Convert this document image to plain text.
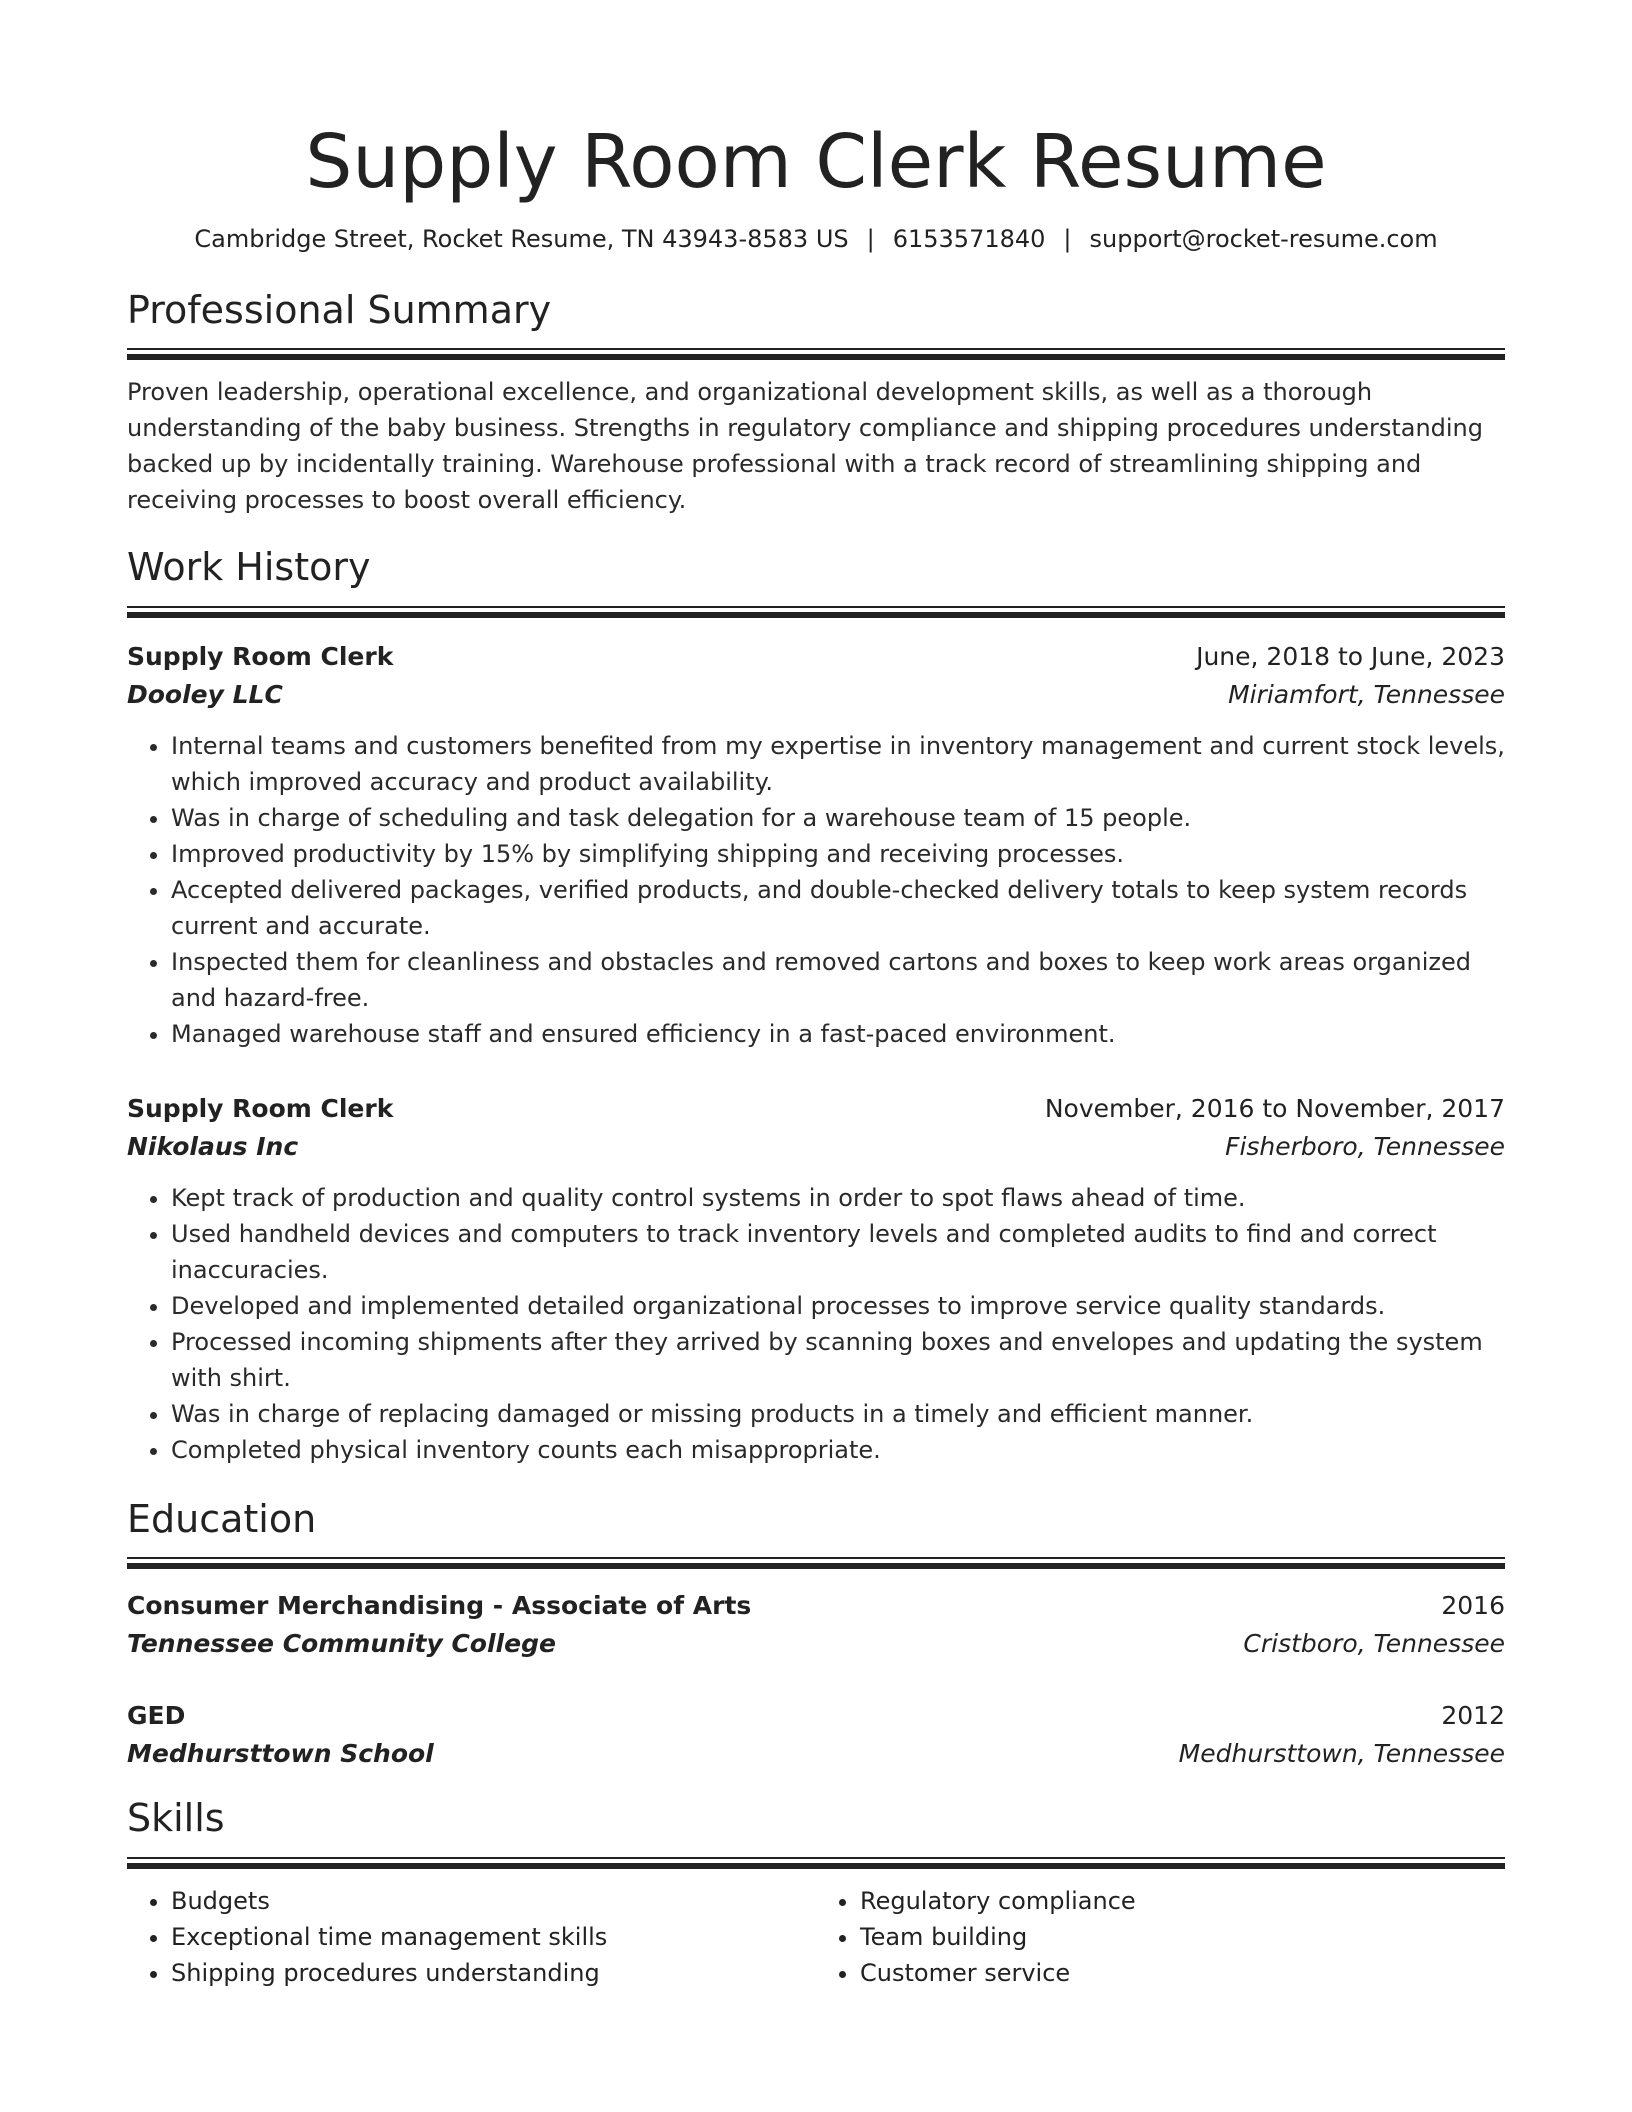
Supply Room Clerk Resume
Cambridge Street, Rocket Resume, TN 43943-8583 US | 6153571840 | support@rocket-resume.com
Professional Summary
Proven leadership, operational excellence, and organizational development skills, as well as a thorough understanding of the baby business. Strengths in regulatory compliance and shipping procedures understanding backed up by incidentally training. Warehouse professional with a track record of streamlining shipping and receiving processes to boost overall efficiency.
Work History
Supply Room Clerk	June, 2018 to June, 2023
Dooley LLC	Miriamfort, Tennessee
• Internal teams and customers benefited from my expertise in inventory management and current stock levels, which improved accuracy and product availability.
• Was in charge of scheduling and task delegation for a warehouse team of 15 people.
• Improved productivity by 15% by simplifying shipping and receiving processes.
• Accepted delivered packages, verified products, and double-checked delivery totals to keep system records current and accurate.
• Inspected them for cleanliness and obstacles and removed cartons and boxes to keep work areas organized and hazard-free.
• Managed warehouse staff and ensured efficiency in a fast-paced environment.
Supply Room Clerk	November, 2016 to November, 2017
Nikolaus Inc	Fisherboro, Tennessee
• Kept track of production and quality control systems in order to spot flaws ahead of time.
• Used handheld devices and computers to track inventory levels and completed audits to find and correct inaccuracies.
• Developed and implemented detailed organizational processes to improve service quality standards.
• Processed incoming shipments after they arrived by scanning boxes and envelopes and updating the system with shirt.
• Was in charge of replacing damaged or missing products in a timely and efficient manner.
• Completed physical inventory counts each misappropriate.
Education
Consumer Merchandising - Associate of Arts	2016
Tennessee Community College	Cristboro, Tennessee
GED	2012
Medhursttown School	Medhursttown, Tennessee
Skills
• Budgets
• Exceptional time management skills
• Shipping procedures understanding
• Regulatory compliance
• Team building
• Customer service
